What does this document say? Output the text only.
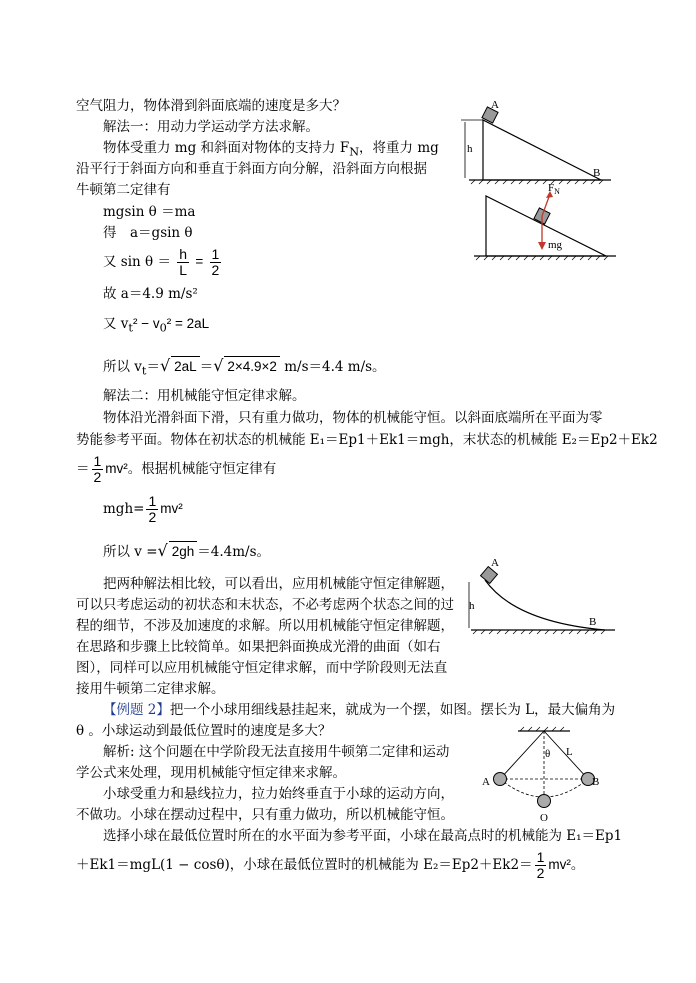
空气阻力，物体滑到斜面底端的速度是多大？
解法一：用动力学运动学方法求解。
物体受重力 mg 和斜面对物体的支持力 $F_N$，将重力 mg
沿平行于斜面方向和垂直于斜面方向分解，沿斜面方向根据
牛顿第二定律有
mgsin θ ＝ma
得　a＝gsin θ
又 $\sin \theta = \frac{h}{L} = \frac{1}{2}$
故 a＝4.9 m/s²
又 $v_t^2 - v_0^2 = 2aL$
所以 $v_t=√$ 2aL ＝√ 2×4.9×2 m/s＝4.4 m/s。
解法二：用机械能守恒定律求解。
物体沿光滑斜面下滑，只有重力做功，物体的机械能守恒。以斜面底端所在平面为零
势能参考平面。物体在初状态的机械能 E₁＝Ep1＋Ek1＝mgh，末状态的机械能 E₂＝Ep2＋Ek2
＝ $\frac{1}{2} mv^2$。根据机械能守恒定律有
$mgh= \frac{1}{2} mv^2$
所以 v =√ 2gh ＝4.4m/s。
把两种解法相比较，可以看出，应用机械能守恒定律解题，
可以只考虑运动的初状态和末状态，不必考虑两个状态之间的过
程的细节，不涉及加速度的求解。所以用机械能守恒定律解题，
在思路和步骤上比较简单。如果把斜面换成光滑的曲面（如右
图），同样可以应用机械能守恒定律求解，而中学阶段则无法直
接用牛顿第二定律求解。
【例题 2】把一个小球用细线悬挂起来，就成为一个摆，如图。摆长为 L，最大偏角为
θ 。小球运动到最低位置时的速度是多大？
解析: 这个问题在中学阶段无法直接用牛顿第二定律和运动
学公式来处理，现用机械能守恒定律来求解。
小球受重力和悬线拉力，拉力始终垂直于小球的运动方向，
不做功。小球在摆动过程中，只有重力做功，所以机械能守恒。
选择小球在最低位置时所在的水平面为参考平面，小球在最高点时的机械能为 E₁＝Ep1
＋Ek1＝mgL(1 − cosθ)，小球在最低位置时的机械能为 $E_2=Ep2+Ek2= \frac{1}{2} mv^2$。
A
h
B
$F_N$
mg
A
h
B
A	B
O
L
θ
